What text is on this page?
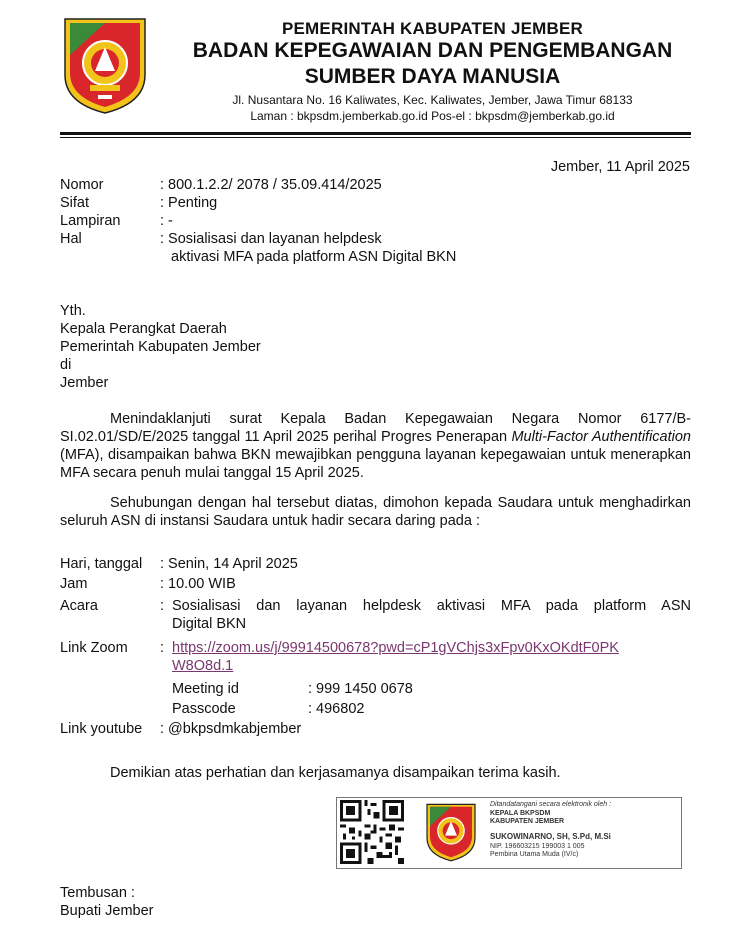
PEMERINTAH KABUPATEN JEMBER
BADAN KEPEGAWAIAN DAN PENGEMBANGAN
SUMBER DAYA MANUSIA
Jl. Nusantara No. 16 Kaliwates, Kec. Kaliwates, Jember, Jawa Timur 68133
Laman : bkpsdm.jemberkab.go.id Pos-el : bkpsdm@jemberkab.go.id
Jember, 11 April 2025
Nomor	: 800.1.2.2/ 2078 / 35.09.414/2025
Sifat	: Penting
Lampiran	: -
Hal	: Sosialisasi dan layanan helpdesk
aktivasi MFA pada platform ASN Digital BKN
Yth.
Kepala Perangkat Daerah
Pemerintah Kabupaten Jember
di
Jember
Menindaklanjuti surat Kepala Badan Kepegawaian Negara Nomor 6177/B-SI.02.01/SD/E/2025 tanggal 11 April 2025 perihal Progres Penerapan Multi-Factor Authentification (MFA), disampaikan bahwa BKN mewajibkan pengguna layanan kepegawaian untuk menerapkan MFA secara penuh mulai tanggal 15 April 2025.
Sehubungan dengan hal tersebut diatas, dimohon kepada Saudara untuk menghadirkan seluruh ASN di instansi Saudara untuk hadir secara daring pada :
Hari, tanggal : Senin, 14 April 2025
Jam	: 10.00 WIB
Acara	: Sosialisasi dan layanan helpdesk aktivasi MFA pada platform ASN
Digital BKN
Link Zoom : https://zoom.us/j/99914500678?pwd=cP1gVChjs3xFpv0KxOKdtF0PK
W8O8d.1
Meeting id	: 999 1450 0678
Passcode	: 496802
Link youtube : @bkpsdmkabjember
Demikian atas perhatian dan kerjasamanya disampaikan terima kasih.
Ditandatangani secara elektronik oleh :
KEPALA BKPSDM
KABUPATEN JEMBER
SUKOWINARNO, SH, S.Pd, M.Si
NIP. 196603215 199003 1 005
Pembina Utama Muda (IV/c)
Tembusan :
Bupati Jember
